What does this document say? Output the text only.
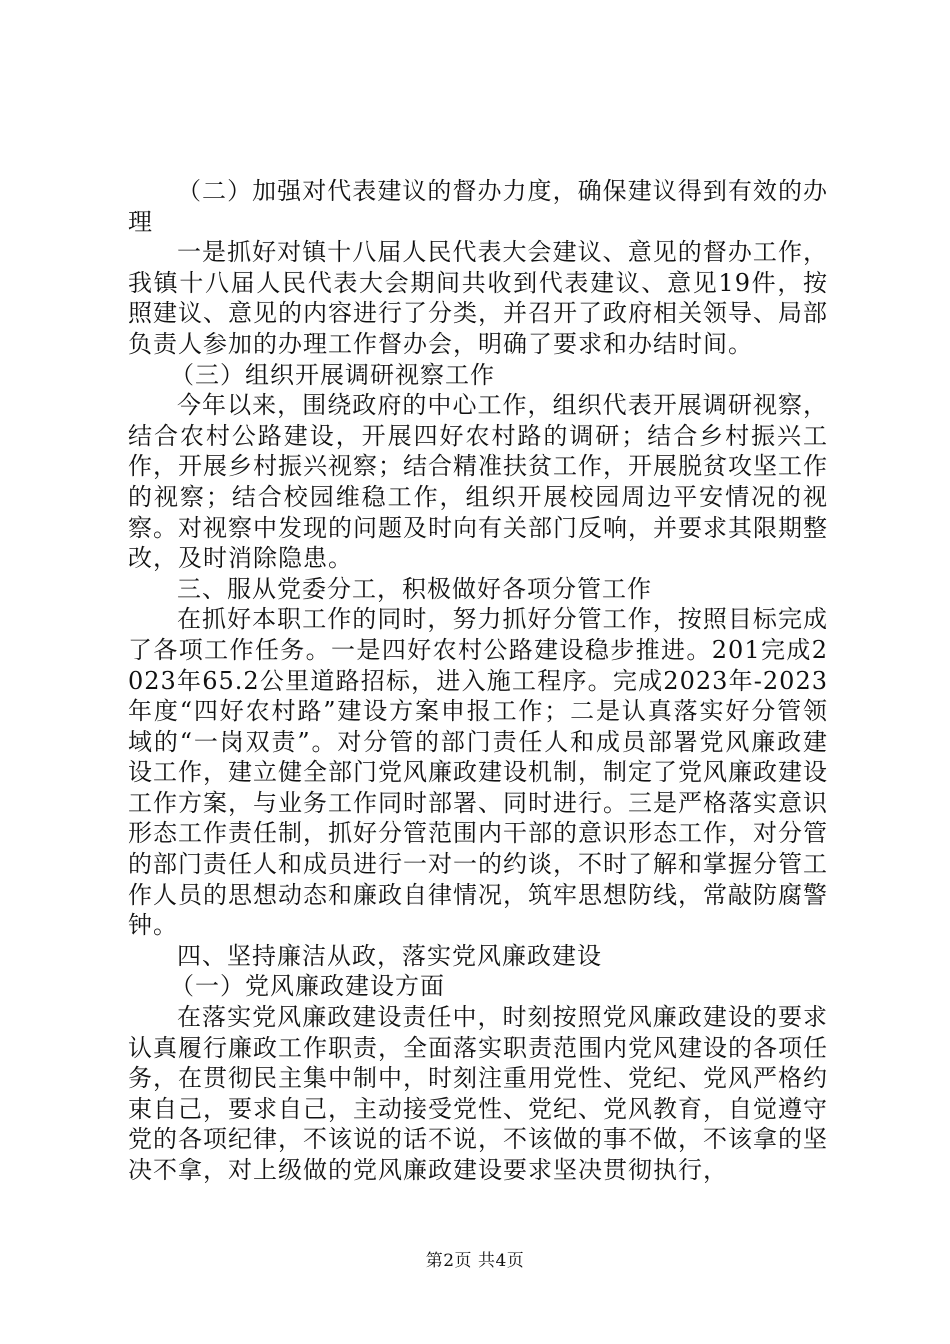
（二）加强对代表建议的督办力度，确保建议得到有效的办理

一是抓好对镇十八届人民代表大会建议、意见的督办工作，我镇十八届人民代表大会期间共收到代表建议、意见19件，按照建议、意见的内容进行了分类，并召开了政府相关领导、局部负责人参加的办理工作督办会，明确了要求和办结时间。

（三）组织开展调研视察工作

今年以来，围绕政府的中心工作，组织代表开展调研视察，结合农村公路建设，开展四好农村路的调研；结合乡村振兴工作，开展乡村振兴视察；结合精准扶贫工作，开展脱贫攻坚工作的视察；结合校园维稳工作，组织开展校园周边平安情况的视察。对视察中发现的问题及时向有关部门反响，并要求其限期整改，及时消除隐患。

三、服从党委分工，积极做好各项分管工作

在抓好本职工作的同时，努力抓好分管工作，按照目标完成了各项工作任务。一是四好农村公路建设稳步推进。201完成2023年65.2公里道路招标，进入施工程序。完成2023年-2023年度“四好农村路”建设方案申报工作；二是认真落实好分管领域的“一岗双责”。对分管的部门责任人和成员部署党风廉政建设工作，建立健全部门党风廉政建设机制，制定了党风廉政建设工作方案，与业务工作同时部署、同时进行。三是严格落实意识形态工作责任制，抓好分管范围内干部的意识形态工作，对分管的部门责任人和成员进行一对一的约谈，不时了解和掌握分管工作人员的思想动态和廉政自律情况，筑牢思想防线，常敲防腐警钟。

四、坚持廉洁从政，落实党风廉政建设

（一）党风廉政建设方面

在落实党风廉政建设责任中，时刻按照党风廉政建设的要求认真履行廉政工作职责，全面落实职责范围内党风建设的各项任务，在贯彻民主集中制中，时刻注重用党性、党纪、党风严格约束自己，要求自己，主动接受党性、党纪、党风教育，自觉遵守党的各项纪律，不该说的话不说，不该做的事不做，不该拿的坚决不拿，对上级做的党风廉政建设要求坚决贯彻执行，

第2页 共4页
